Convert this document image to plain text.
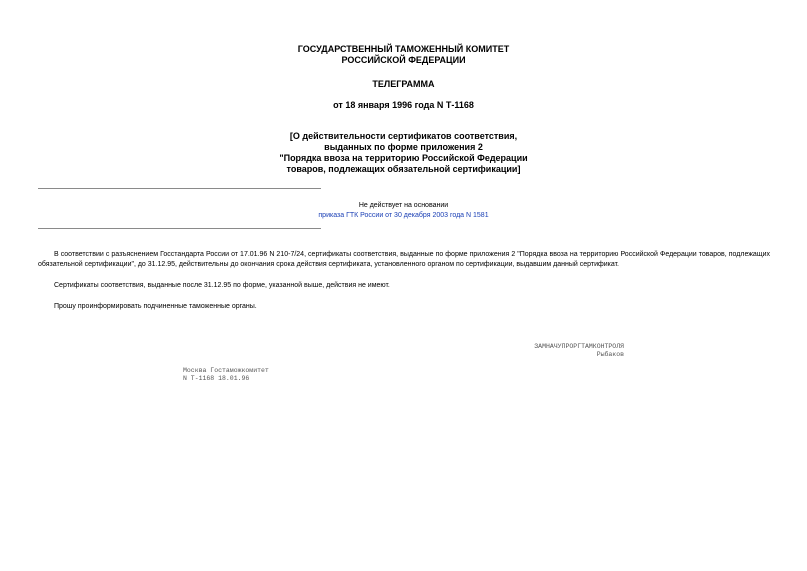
ГОСУДАРСТВЕННЫЙ ТАМОЖЕННЫЙ КОМИТЕТ
РОССИЙСКОЙ ФЕДЕРАЦИИ
ТЕЛЕГРАММА
от 18 января 1996 года N Т-1168
[О действительности сертификатов соответствия,
выданных по форме приложения 2
"Порядка ввоза на территорию Российской Федерации
товаров, подлежащих обязательной сертификации]
Не действует на основании
приказа ГТК России от 30 декабря 2003 года N 1581
В соответствии с разъяснением Госстандарта России от 17.01.96 N 210-7/24, сертификаты соответствия, выданные по форме приложения 2 "Порядка ввоза на территорию Российской Федерации товаров, подлежащих обязательной сертификации", до 31.12.95, действительны до окончания срока действия сертификата, установленного органом по сертификации, выдавшим данный сертификат.
Сертификаты соответствия, выданные после 31.12.95 по форме, указанной выше, действия не имеют.
Прошу проинформировать подчиненные таможенные органы.
ЗАМНАЧУПРОРГТАМКОНТРОЛЯ
Рыбаков
Москва Гостаможкомитет
N Т-1168 18.01.96
